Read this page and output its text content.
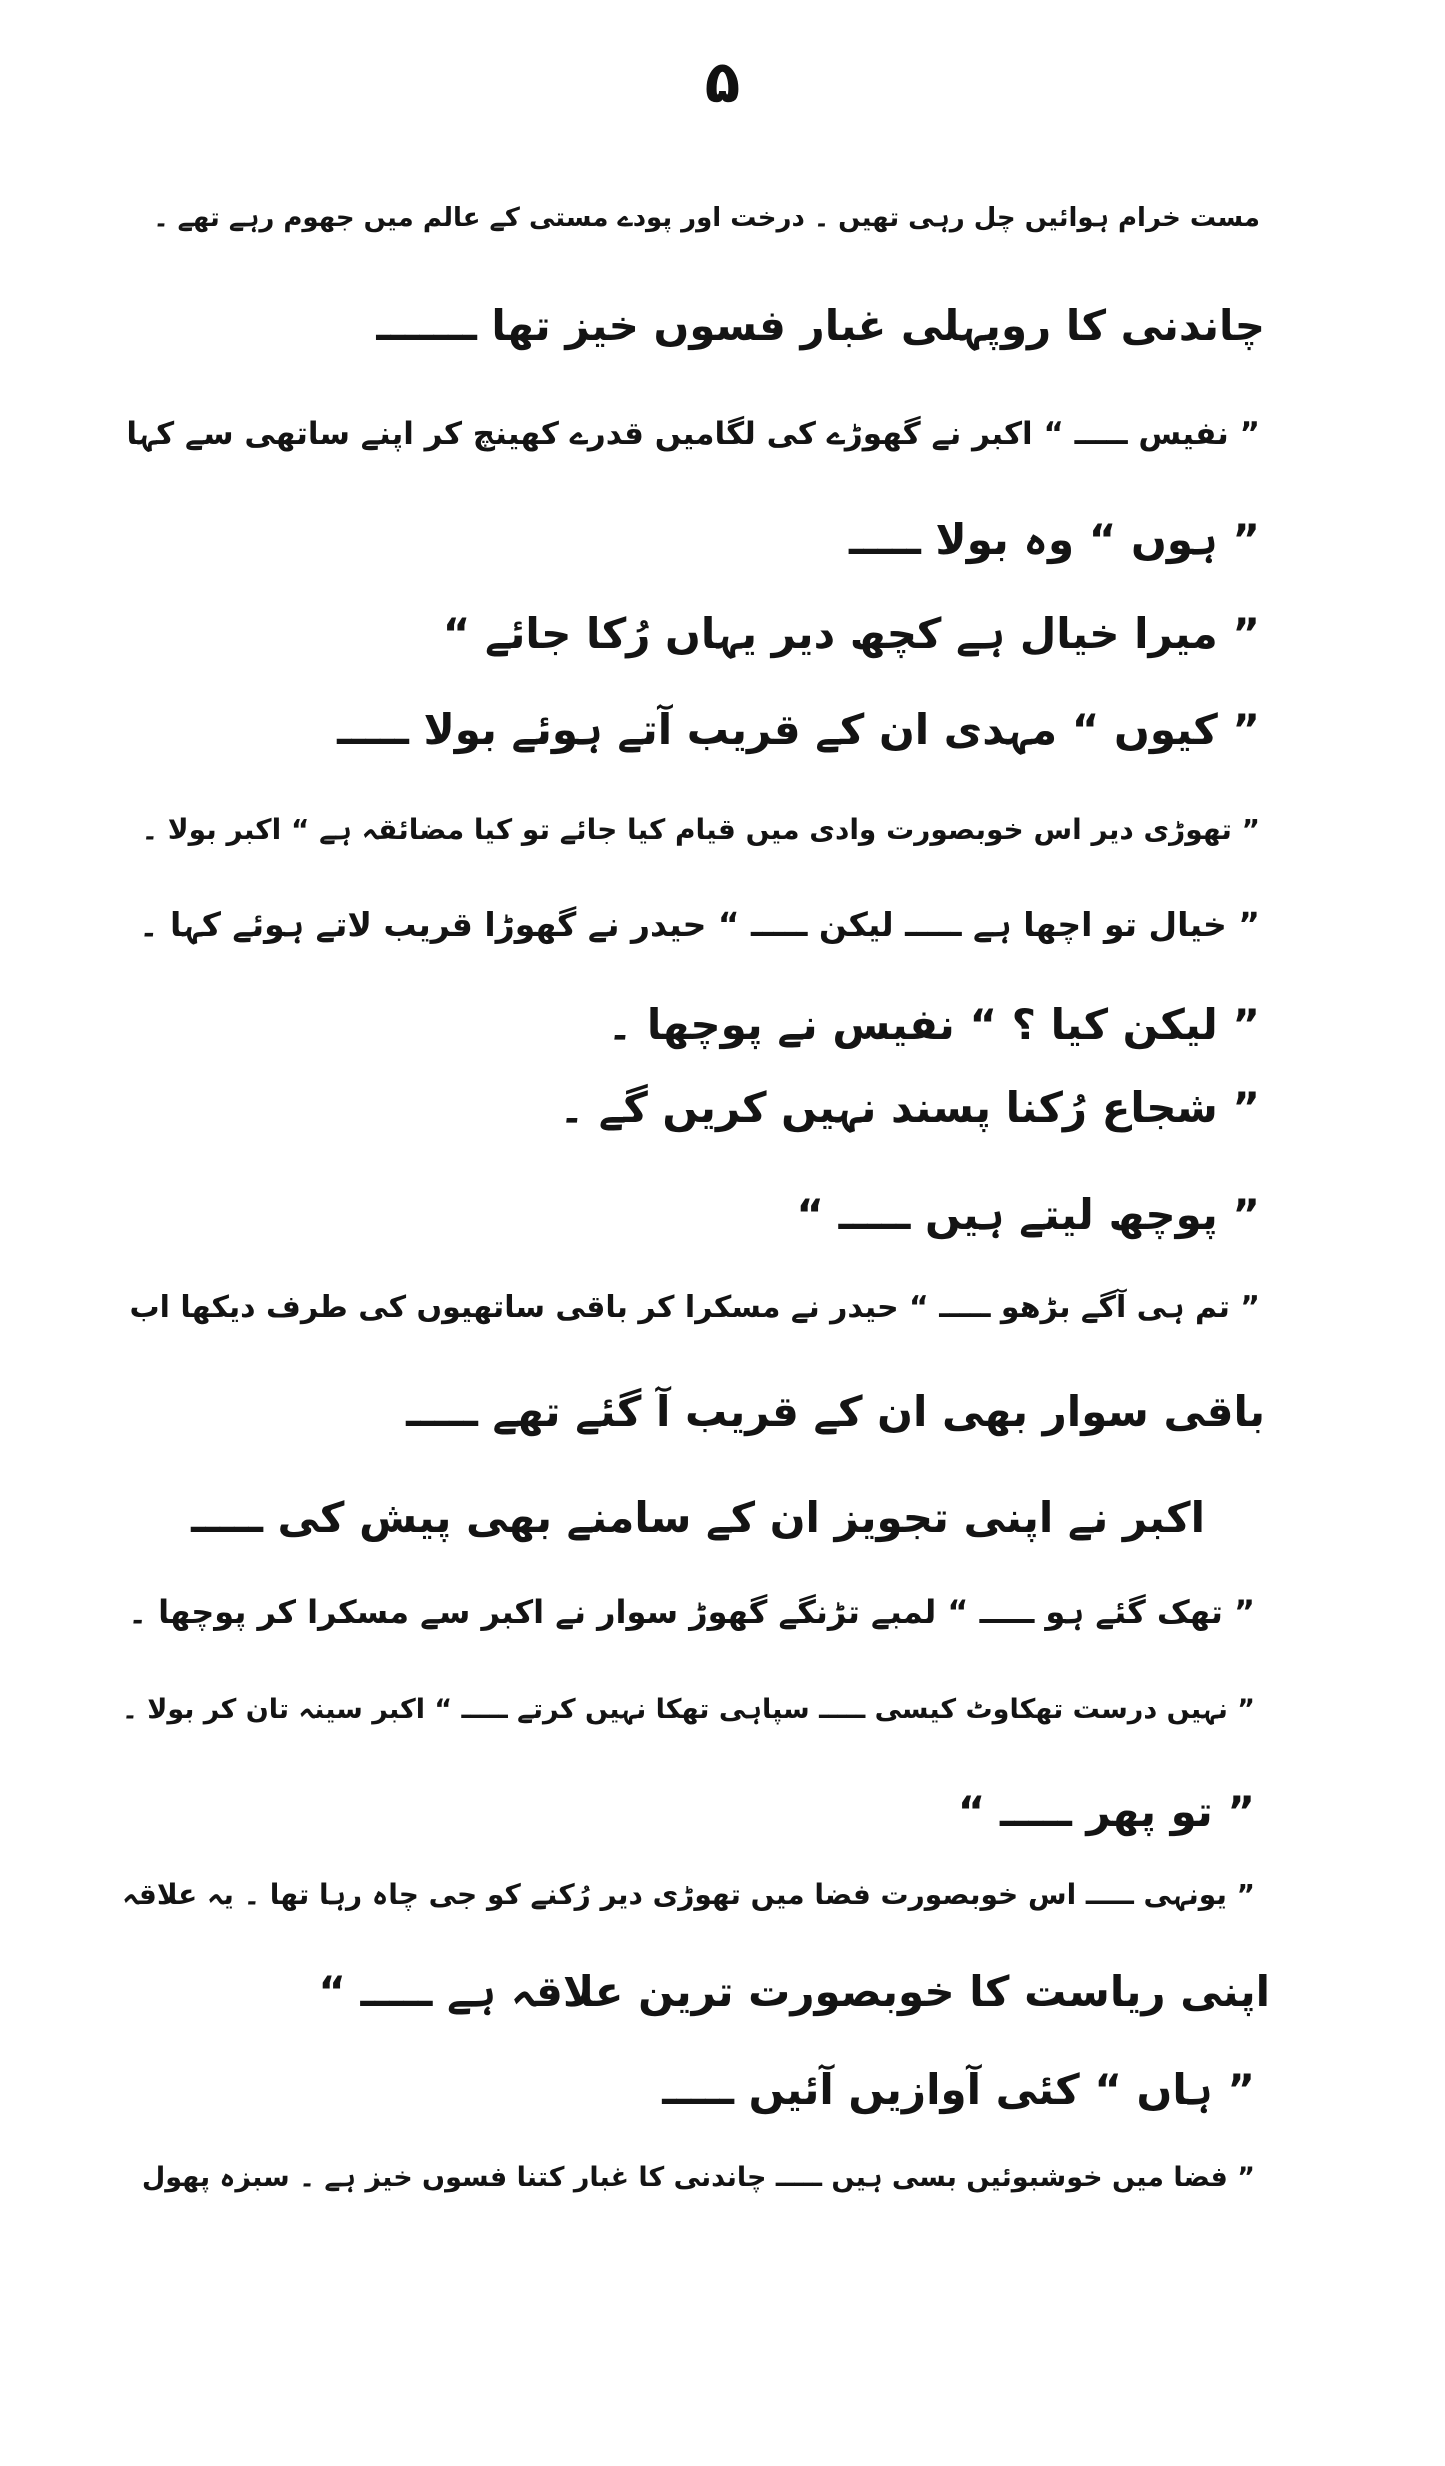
۵
مست خرام ہوائیں چل رہی تھیں ۔ درخت اور پودے مستی کے عالم میں جھوم رہے تھے ۔
چاندنی کا روپہلی غبار فسوں خیز تھا ـــــــ
” نفیس ـــــ “ اکبر نے گھوڑے کی لگامیں قدرے کھینچ کر اپنے ساتھی سے کہا
” ہوں “ وہ بولا ـــــ
” میرا خیال ہے کچھ دیر یہاں رُکا جائے “
” کیوں “ مہدی ان کے قریب آتے ہوئے بولا ـــــ
” تھوڑی دیر اس خوبصورت وادی میں قیام کیا جائے تو کیا مضائقہ ہے “ اکبر بولا ۔
” خیال تو اچھا ہے ـــــ لیکن ـــــ “ حیدر نے گھوڑا قریب لاتے ہوئے کہا ۔
” لیکن کیا ؟ “ نفیس نے پوچھا ۔
” شجاع رُکنا پسند نہیں کریں گے ۔
” پوچھ لیتے ہیں ـــــ “
” تم ہی آگے بڑھو ـــــ “ حیدر نے مسکرا کر باقی ساتھیوں کی طرف دیکھا اب
باقی سوار بھی ان کے قریب آ گئے تھے ـــــ
اکبر نے اپنی تجویز ان کے سامنے بھی پیش کی ـــــ
” تھک گئے ہو ـــــ “ لمبے تڑنگے گھوڑ سوار نے اکبر سے مسکرا کر پوچھا ۔
” نہیں درست تھکاوٹ کیسی ـــــ سپاہی تھکا نہیں کرتے ـــــ “ اکبر سینہ تان کر بولا ۔
” تو پھر ـــــ “
” یونہی ـــــ اس خوبصورت فضا میں تھوڑی دیر رُکنے کو جی چاہ رہا تھا ۔ یہ علاقہ
اپنی ریاست کا خوبصورت ترین علاقہ ہے ـــــ “
” ہاں “ کئی آوازیں آئیں ـــــ
” فضا میں خوشبوئیں بسی ہیں ـــــ چاندنی کا غبار کتنا فسوں خیز ہے ۔ سبزہ پھول
